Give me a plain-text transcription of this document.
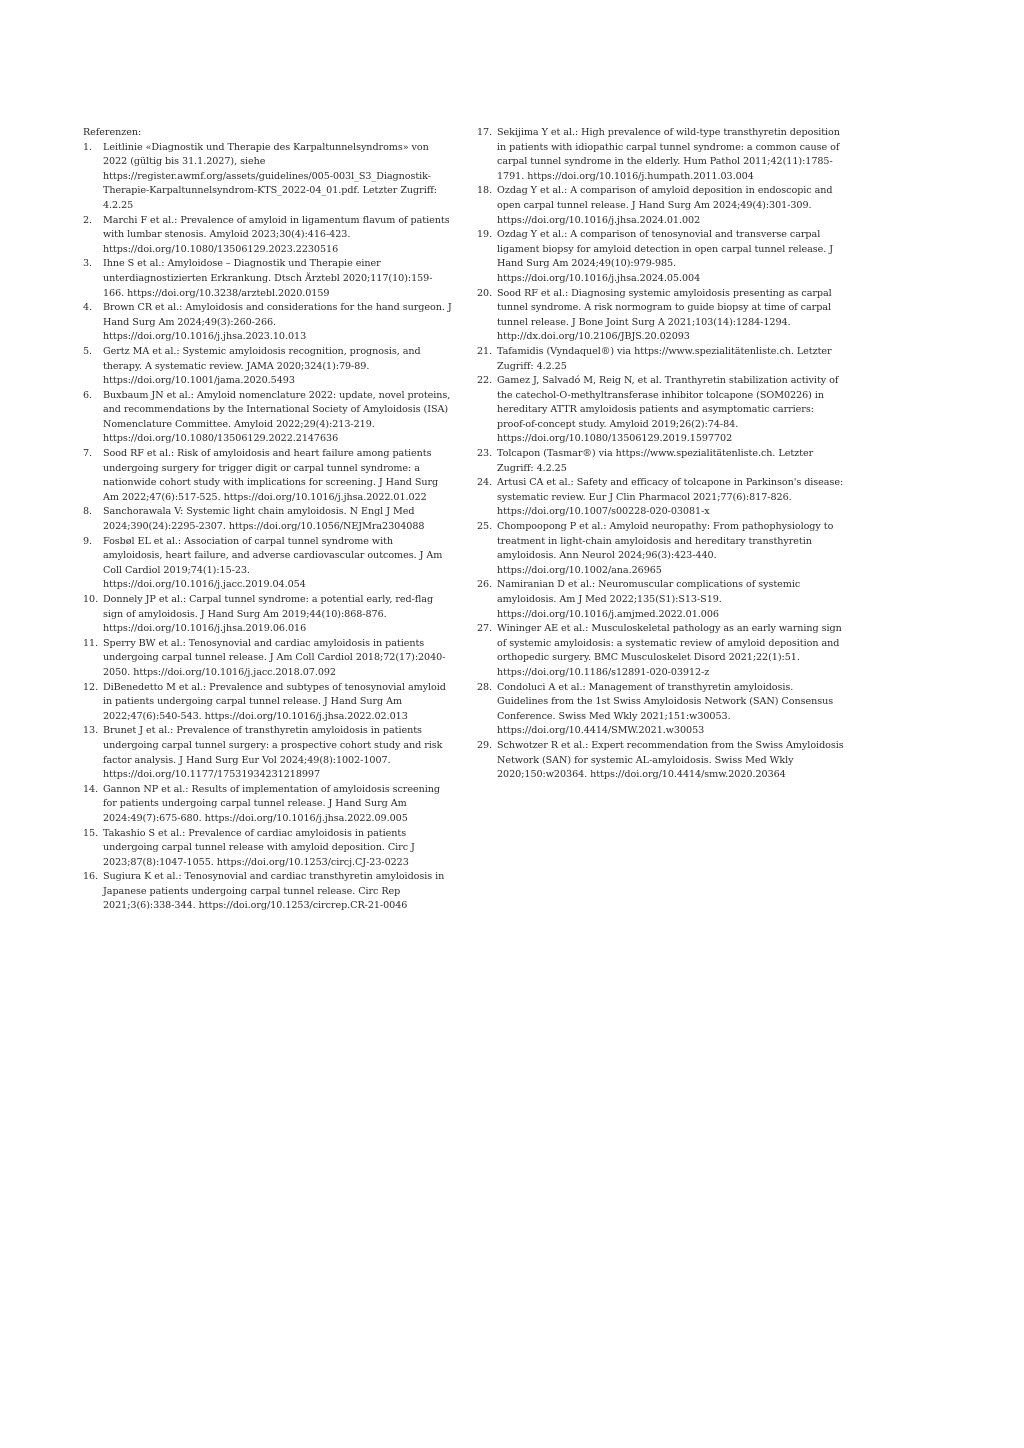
Referenzen:
1.	Leitlinie «Diagnostik und Therapie des Karpaltunnelsyndroms» von 2022 (gültig bis 31.1.2027), siehe https://register.awmf.org/assets/guidelines/005-003l_S3_Diagnostik-Therapie-Karpaltunnelsyndrom-KTS_2022-04_01.pdf. Letzter Zugriff: 4.2.25
2.	Marchi F et al.: Prevalence of amyloid in ligamentum flavum of patients with lumbar stenosis. Amyloid 2023;30(4):416-423. https://doi.org/10.1080/13506129.2023.2230516
3.	Ihne S et al.: Amyloidose – Diagnostik und Therapie einer unterdiagnostizierten Erkrankung. Dtsch Ärztebl 2020;117(10):159-166. https://doi.org/10.3238/arztebl.2020.0159
4.	Brown CR et al.: Amyloidosis and considerations for the hand surgeon. J Hand Surg Am 2024;49(3):260-266. https://doi.org/10.1016/j.jhsa.2023.10.013
5.	Gertz MA et al.: Systemic amyloidosis recognition, prognosis, and therapy. A systematic review. JAMA 2020;324(1):79-89. https://doi.org/10.1001/jama.2020.5493
6.	Buxbaum JN et al.: Amyloid nomenclature 2022: update, novel proteins, and recommendations by the International Society of Amyloidosis (ISA) Nomenclature Committee. Amyloid 2022;29(4):213-219. https://doi.org/10.1080/13506129.2022.2147636
7.	Sood RF et al.: Risk of amyloidosis and heart failure among patients undergoing surgery for trigger digit or carpal tunnel syndrome: a nationwide cohort study with implications for screening. J Hand Surg Am 2022;47(6):517-525. https://doi.org/10.1016/j.jhsa.2022.01.022
8.	Sanchorawala V: Systemic light chain amyloidosis. N Engl J Med 2024;390(24):2295-2307. https://doi.org/10.1056/NEJMra2304088
9.	Fosbøl EL et al.: Association of carpal tunnel syndrome with amyloidosis, heart failure, and adverse cardiovascular outcomes. J Am Coll Cardiol 2019;74(1):15-23. https://doi.org/10.1016/j.jacc.2019.04.054
10. Donnely JP et al.: Carpal tunnel syndrome: a potential early, red-flag sign of amyloidosis. J Hand Surg Am 2019;44(10):868-876. https://doi.org/10.1016/j.jhsa.2019.06.016
11. Sperry BW et al.: Tenosynovial and cardiac amyloidosis in patients undergoing carpal tunnel release. J Am Coll Cardiol 2018;72(17):2040-2050. https://doi.org/10.1016/j.jacc.2018.07.092
12. DiBenedetto M et al.: Prevalence and subtypes of tenosynovial amyloid in patients undergoing carpal tunnel release. J Hand Surg Am 2022;47(6):540-543. https://doi.org/10.1016/j.jhsa.2022.02.013
13. Brunet J et al.: Prevalence of transthyretin amyloidosis in patients undergoing carpal tunnel surgery: a prospective cohort study and risk factor analysis. J Hand Surg Eur Vol 2024;49(8):1002-1007. https://doi.org/10.1177/17531934231218997
14. Gannon NP et al.: Results of implementation of amyloidosis screening for patients undergoing carpal tunnel release. J Hand Surg Am 2024:49(7):675-680. https://doi.org/10.1016/j.jhsa.2022.09.005
15. Takashio S et al.: Prevalence of cardiac amyloidosis in patients undergoing carpal tunnel release with amyloid deposition. Circ J 2023;87(8):1047-1055. https://doi.org/10.1253/circj.CJ-23-0223
16. Sugiura K et al.: Tenosynovial and cardiac transthyretin amyloidosis in Japanese patients undergoing carpal tunnel release. Circ Rep 2021;3(6):338-344. https://doi.org/10.1253/circrep.CR-21-0046
17. Sekijima Y et al.: High prevalence of wild-type transthyretin deposition in patients with idiopathic carpal tunnel syndrome: a common cause of carpal tunnel syndrome in the elderly. Hum Pathol 2011;42(11):1785-1791. https://doi.org/10.1016/j.humpath.2011.03.004
18. Ozdag Y et al.: A comparison of amyloid deposition in endoscopic and open carpal tunnel release. J Hand Surg Am 2024;49(4):301-309. https://doi.org/10.1016/j.jhsa.2024.01.002
19. Ozdag Y et al.: A comparison of tenosynovial and transverse carpal ligament biopsy for amyloid detection in open carpal tunnel release. J Hand Surg Am 2024;49(10):979-985. https://doi.org/10.1016/j.jhsa.2024.05.004
20. Sood RF et al.: Diagnosing systemic amyloidosis presenting as carpal tunnel syndrome. A risk normogram to guide biopsy at time of carpal tunnel release. J Bone Joint Surg A 2021;103(14):1284-1294. http://dx.doi.org/10.2106/JBJS.20.02093
21. Tafamidis (Vyndaquel®) via https://www.spezialitätenliste.ch. Letzter Zugriff: 4.2.25
22. Gamez J, Salvadó M, Reig N, et al. Tranthyretin stabilization activity of the catechol-O-methyltransferase inhibitor tolcapone (SOM0226) in hereditary ATTR amyloidosis patients and asymptomatic carriers: proof-of-concept study. Amyloid 2019;26(2):74-84. https://doi.org/10.1080/13506129.2019.1597702
23. Tolcapon (Tasmar®) via https://www.spezialitätenliste.ch. Letzter Zugriff: 4.2.25
24. Artusi CA et al.: Safety and efficacy of tolcapone in Parkinson's disease: systematic review. Eur J Clin Pharmacol 2021;77(6):817-826. https://doi.org/10.1007/s00228-020-03081-x
25. Chompoopong P et al.: Amyloid neuropathy: From pathophysiology to treatment in light-chain amyloidosis and hereditary transthyretin amyloidosis. Ann Neurol 2024;96(3):423-440. https://doi.org/10.1002/ana.26965
26. Namiranian D et al.: Neuromuscular complications of systemic amyloidosis. Am J Med 2022;135(S1):S13-S19. https://doi.org/10.1016/j.amjmed.2022.01.006
27. Wininger AE et al.: Musculoskeletal pathology as an early warning sign of systemic amyloidosis: a systematic review of amyloid deposition and orthopedic surgery. BMC Musculoskelet Disord 2021;22(1):51. https://doi.org/10.1186/s12891-020-03912-z
28. Condoluci A et al.: Management of transthyretin amyloidosis. Guidelines from the 1st Swiss Amyloidosis Network (SAN) Consensus Conference. Swiss Med Wkly 2021;151:w30053. https://doi.org/10.4414/SMW.2021.w30053
29. Schwotzer R et al.: Expert recommendation from the Swiss Amyloidosis Network (SAN) for systemic AL-amyloidosis. Swiss Med Wkly 2020;150:w20364. https://doi.org/10.4414/smw.2020.20364
